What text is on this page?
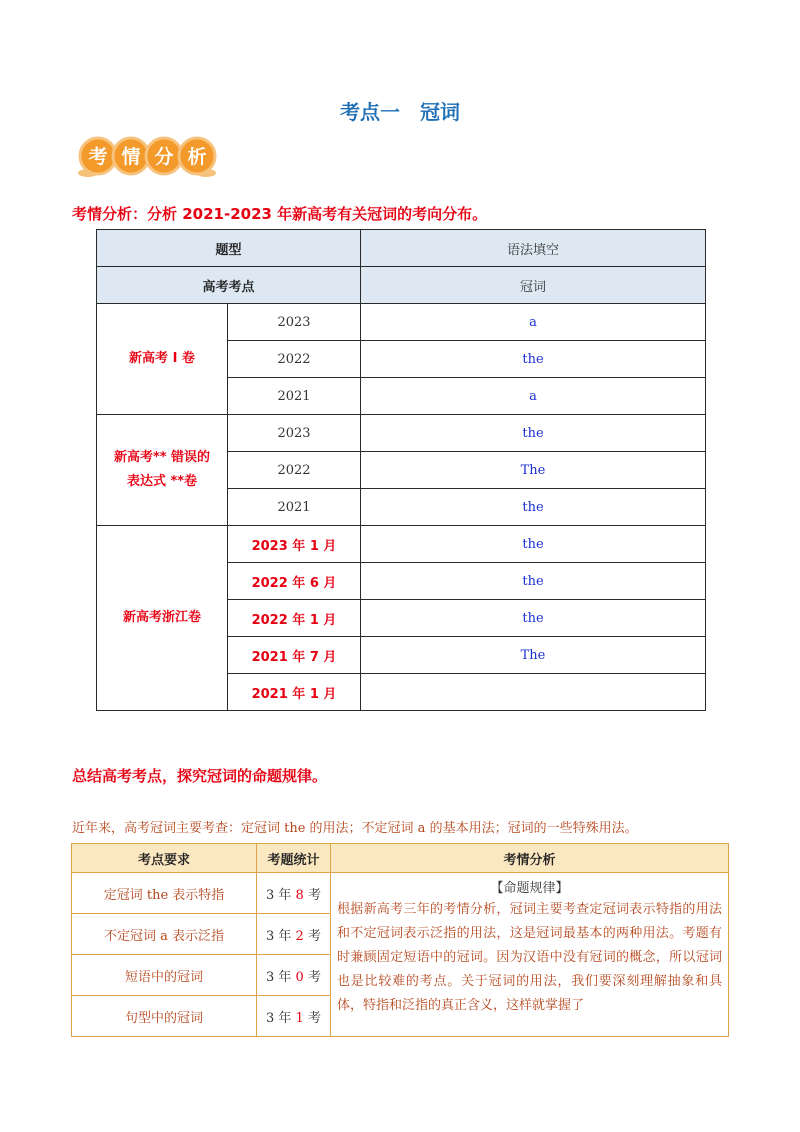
考点一　冠词
考 情 分 析
考情分析：分析 2021-2023 年新高考有关冠词的考向分布。
题型		语法填空
高考考点		冠词
新高考 I 卷	2023	a
	2022	the
	2021	a

新高考** 错误的
表达式 **卷	2023	the
	2022	The
	2021	the
新高考浙江卷	2023 年 1 月	the
	2022 年 6 月	the
	2022 年 1 月	the
	2021 年 7 月	The
	2021 年 1 月	
总结高考考点，探究冠词的命题规律。
近年来，高考冠词主要考查：定冠词 the 的用法；不定冠词 a 的基本用法；冠词的一些特殊用法。
考点要求	考题统计	考情分析
定冠词 the 表示特指	3 年 8 考	【命题规律】
根据新高考三年的考情分析，冠词主要考查定冠词表示特指的用法和不定冠词表示泛指的用法，这是冠词最基本的两种用法。考题有时兼顾固定短语中的冠词。因为汉语中没有冠词的概念，所以冠词也是比较难的考点。关于冠词的用法，我们要深刻理解抽象和具体，特指和泛指的真正含义，这样就掌握了

不定冠词 a 表示泛指	3 年 2 考	
短语中的冠词	3 年 0 考	
句型中的冠词	3 年 1 考	
